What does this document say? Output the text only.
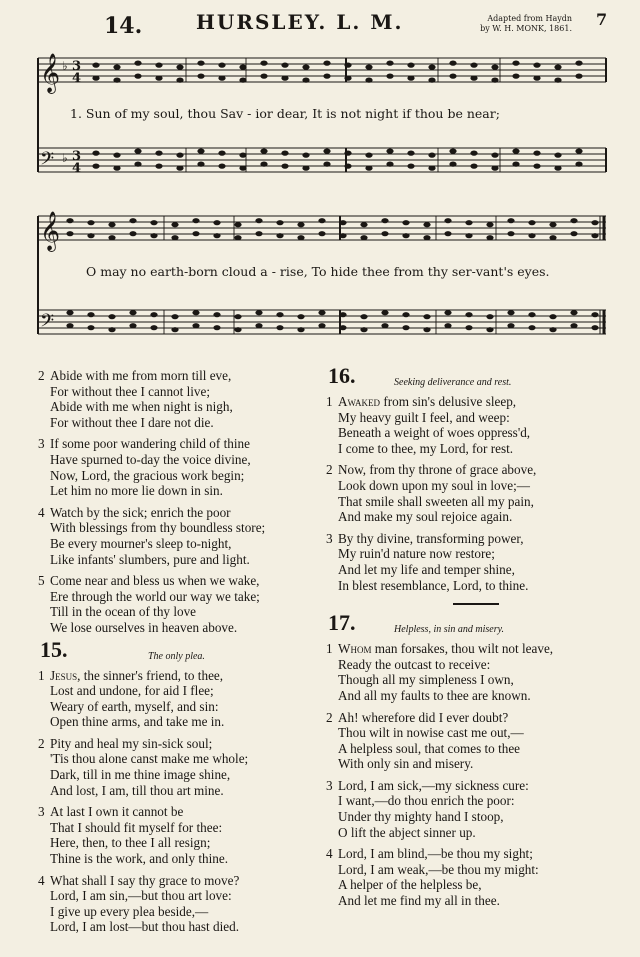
14.	HURSLEY. L. M.	Adapted from Haydn
by W. H. MONK, 1861. 7
𝄞
𝄢
𝄞
𝄢
♭
♭
3
4
3
4
1. Sun of my soul, thou Sav - ior dear, It is not night if thou be near;
O may no earth-born cloud a - rise, To hide thee from thy ser-vant's eyes.
2 Abide with me from morn till eve,
For without thee I cannot live;
Abide with me when night is nigh,
For without thee I dare not die.
3 If some poor wandering child of thine
Have spurned to-day the voice divine,
Now, Lord, the gracious work begin;
Let him no more lie down in sin.
4 Watch by the sick; enrich the poor
With blessings from thy boundless store;
Be every mourner's sleep to-night,
Like infants' slumbers, pure and light.
5 Come near and bless us when we wake,
Ere through the world our way we take;
Till in the ocean of thy love
We lose ourselves in heaven above.
15.	The only plea.
1 Jesus, the sinner's friend, to thee,
Lost and undone, for aid I flee;
Weary of earth, myself, and sin:
Open thine arms, and take me in.
2 Pity and heal my sin-sick soul;
'Tis thou alone canst make me whole;
Dark, till in me thine image shine,
And lost, I am, till thou art mine.
3 At last I own it cannot be
That I should fit myself for thee:
Here, then, to thee I all resign;
Thine is the work, and only thine.
4 What shall I say thy grace to move?
Lord, I am sin,—but thou art love:
I give up every plea beside,—
Lord, I am lost—but thou hast died.
16.	Seeking deliverance and rest.
1 Awaked from sin's delusive sleep,
My heavy guilt I feel, and weep:
Beneath a weight of woes oppress'd,
I come to thee, my Lord, for rest.
2 Now, from thy throne of grace above,
Look down upon my soul in love;—
That smile shall sweeten all my pain,
And make my soul rejoice again.
3 By thy divine, transforming power,
My ruin'd nature now restore;
And let my life and temper shine,
In blest resemblance, Lord, to thine.
17.	Helpless, in sin and misery.
1 Whom man forsakes, thou wilt not leave,
Ready the outcast to receive:
Though all my simpleness I own,
And all my faults to thee are known.
2 Ah! wherefore did I ever doubt?
Thou wilt in nowise cast me out,—
A helpless soul, that comes to thee
With only sin and misery.
3 Lord, I am sick,—my sickness cure:
I want,—do thou enrich the poor:
Under thy mighty hand I stoop,
O lift the abject sinner up.
4 Lord, I am blind,—be thou my sight;
Lord, I am weak,—be thou my might:
A helper of the helpless be,
And let me find my all in thee.
